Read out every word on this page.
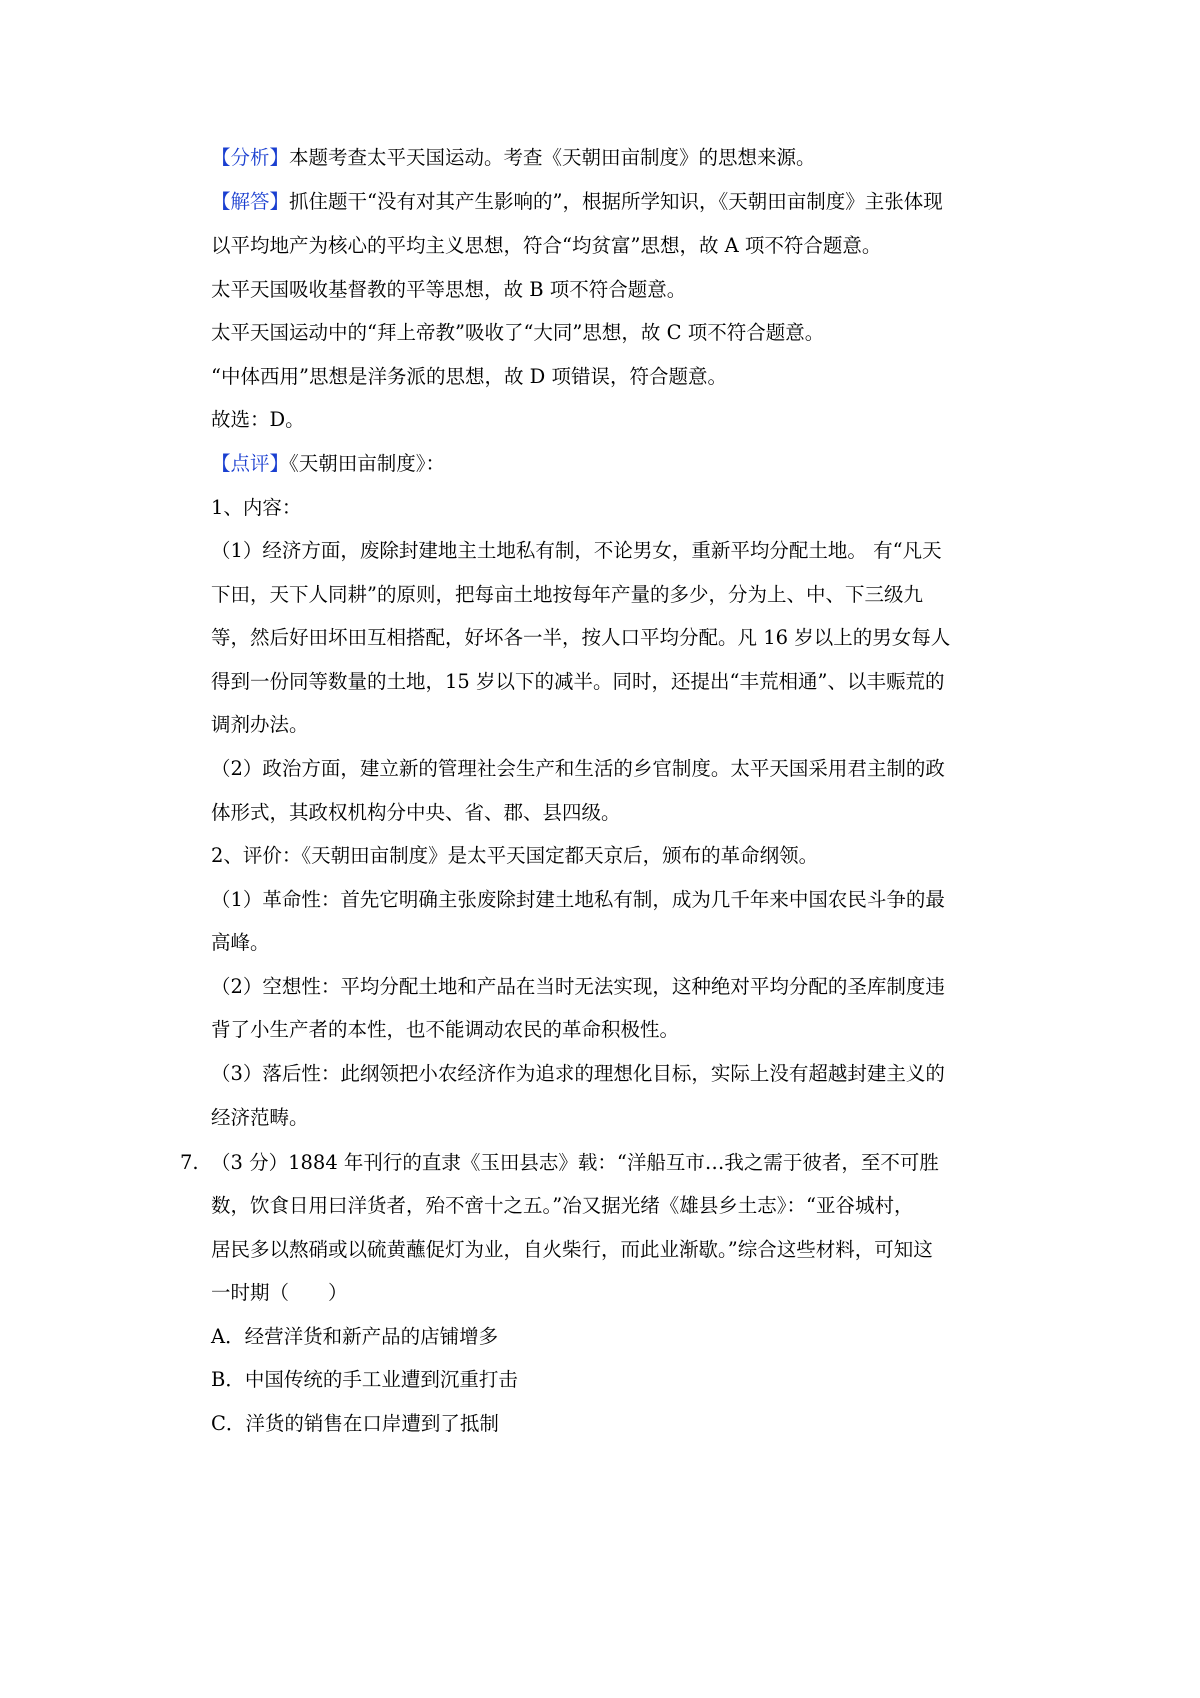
【分析】本题考查太平天国运动。考查《天朝田亩制度》的思想来源。
【解答】抓住题干“没有对其产生影响的”，根据所学知识，《天朝田亩制度》主张体现
以平均地产为核心的平均主义思想，符合“均贫富”思想，故 A 项不符合题意。
太平天国吸收基督教的平等思想，故 B 项不符合题意。
太平天国运动中的“拜上帝教”吸收了“大同”思想，故 C 项不符合题意。
“中体西用”思想是洋务派的思想，故 D 项错误，符合题意。
故选：D。
【点评】《天朝田亩制度》：
1、内容：
（1）经济方面，废除封建地主土地私有制，不论男女，重新平均分配土地。 有“凡天
下田，天下人同耕”的原则，把每亩土地按每年产量的多少，分为上、中、下三级九
等，然后好田坏田互相搭配，好坏各一半，按人口平均分配。凡 16 岁以上的男女每人
得到一份同等数量的土地，15 岁以下的减半。同时，还提出“丰荒相通”、以丰赈荒的
调剂办法。
（2）政治方面，建立新的管理社会生产和生活的乡官制度。太平天国采用君主制的政
体形式，其政权机构分中央、省、郡、县四级。
2、评价：《天朝田亩制度》是太平天国定都天京后，颁布的革命纲领。
（1）革命性：首先它明确主张废除封建土地私有制，成为几千年来中国农民斗争的最
高峰。
（2）空想性：平均分配土地和产品在当时无法实现，这种绝对平均分配的圣库制度违
背了小生产者的本性，也不能调动农民的革命积极性。
（3）落后性：此纲领把小农经济作为追求的理想化目标，实际上没有超越封建主义的
经济范畴。
7. （3 分）1884 年刊行的直隶《玉田县志》载：“洋船互市…我之需于彼者，至不可胜
数，饮食日用曰洋货者，殆不啻十之五。”冶又据光绪《雄县乡土志》：“亚谷城村，
居民多以熬硝或以硫黄蘸促灯为业，自火柴行，而此业渐歇。”综合这些材料，可知这
一时期（　　）
A．经营洋货和新产品的店铺增多
B．中国传统的手工业遭到沉重打击
C．洋货的销售在口岸遭到了抵制
